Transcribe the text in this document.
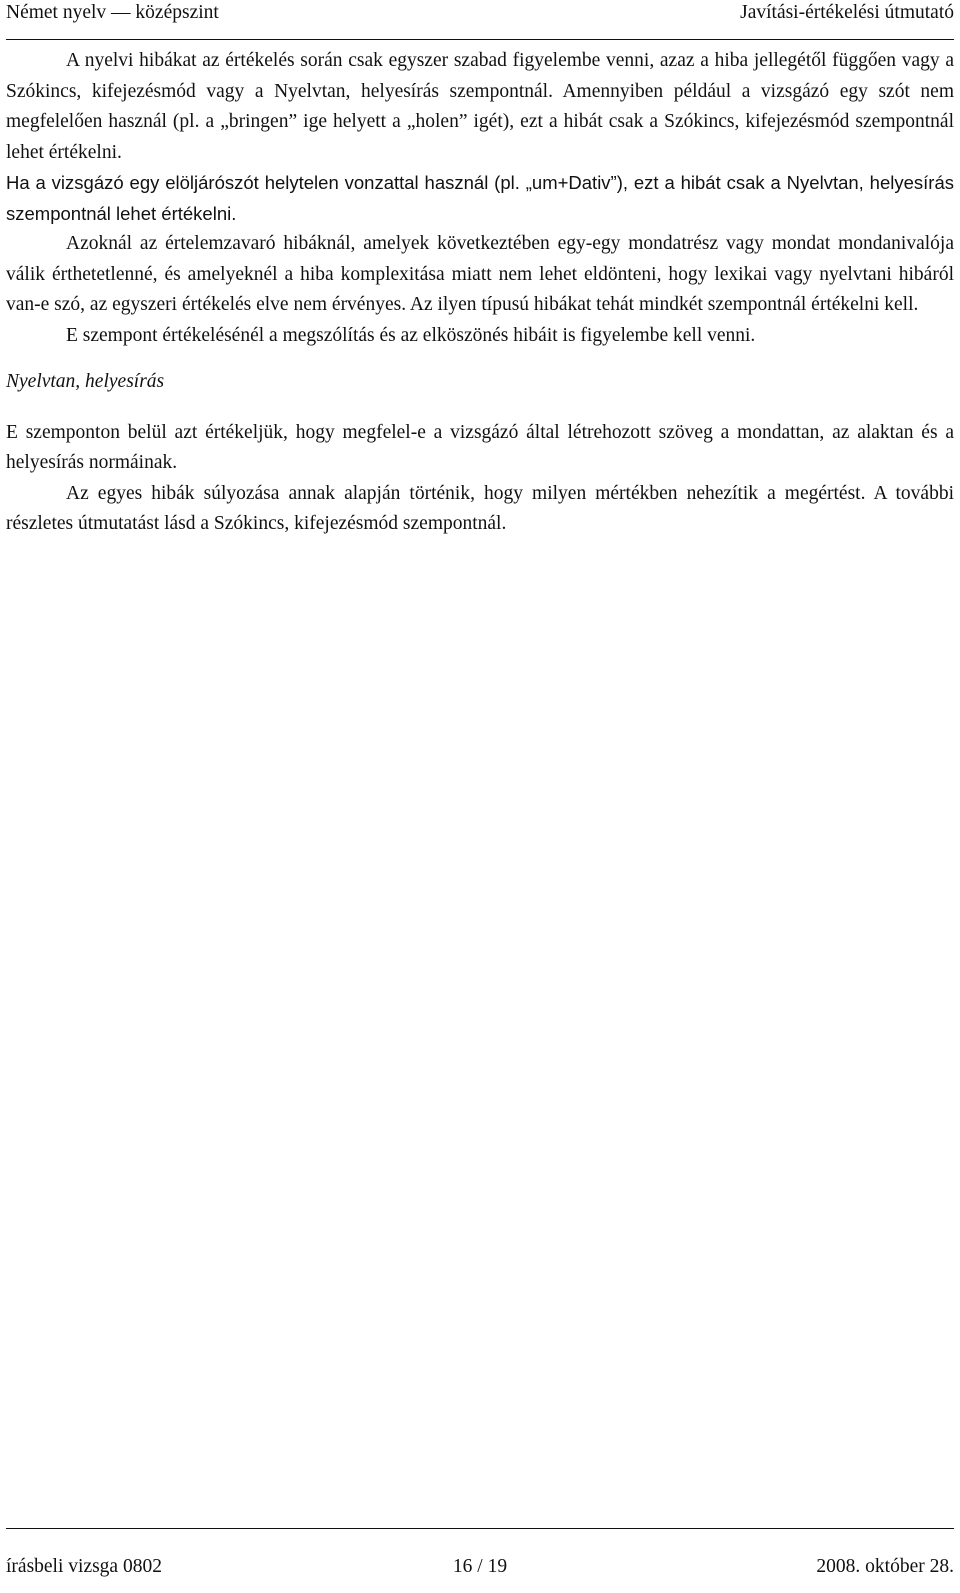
Német nyelv — középszint	Javítási-értékelési útmutató

A nyelvi hibákat az értékelés során csak egyszer szabad figyelembe venni, azaz a hiba jellegétől függően vagy a Szókincs, kifejezésmód vagy a Nyelvtan, helyesírás szempontnál. Amennyiben például a vizsgázó egy szót nem megfelelően használ (pl. a „bringen” ige helyett a „holen” igét), ezt a hibát csak a Szókincs, kifejezésmód szempontnál lehet értékelni.

Ha a vizsgázó egy elöljárószót helytelen vonzattal használ (pl. „um+Dativ”), ezt a hibát csak a Nyelvtan, helyesírás szempontnál lehet értékelni.

Azoknál az értelemzavaró hibáknál, amelyek következtében egy-egy mondatrész vagy mondat mondanivalója válik érthetetlenné, és amelyeknél a hiba komplexitása miatt nem lehet eldönteni, hogy lexikai vagy nyelvtani hibáról van-e szó, az egyszeri értékelés elve nem érvényes. Az ilyen típusú hibákat tehát mindkét szempontnál értékelni kell.

E szempont értékelésénél a megszólítás és az elköszönés hibáit is figyelembe kell venni.

Nyelvtan, helyesírás

E szemponton belül azt értékeljük, hogy megfelel-e a vizsgázó által létrehozott szöveg a mondattan, az alaktan és a helyesírás normáinak.

Az egyes hibák súlyozása annak alapján történik, hogy milyen mértékben nehezítik a megértést. A további részletes útmutatást lásd a Szókincs, kifejezésmód szempontnál.

írásbeli vizsga 0802	16 / 19	2008. október 28.
